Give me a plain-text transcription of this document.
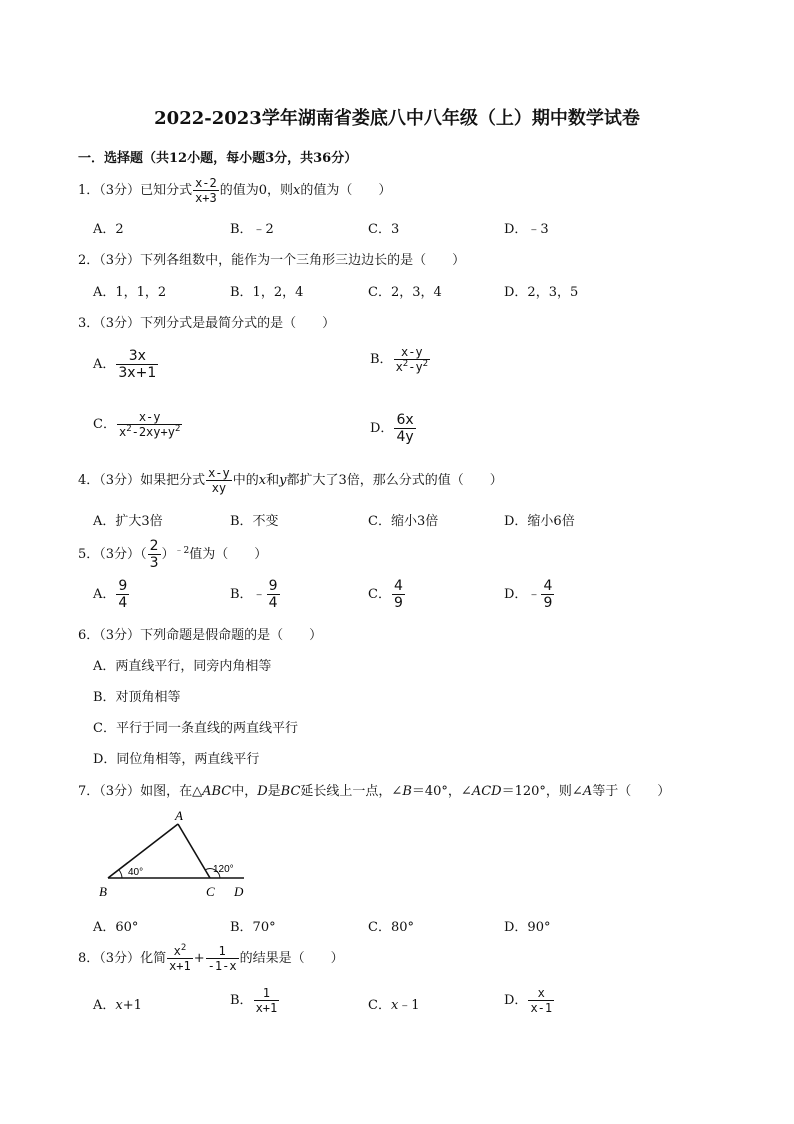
2022-2023学年湖南省娄底八中八年级（上）期中数学试卷
一．选择题（共12小题，每小题3分，共36分）
1．（3分）已知分式 $\frac{x-2}{x+3}$ 的值为0，则x的值为（　　）
A．2	B．﹣2	C．3	D．﹣3
2．（3分）下列各组数中，能作为一个三角形三边边长的是（　　）
A．1，1，2	B．1，2，4	C．2，3，4	D．2，3，5
3．（3分）下列分式是最简分式的是（　　）
A． $\frac{3x}{3x+1}$	B． $\frac{x-y}{x^2-y^2}$
C． $\frac{x-y}{x^2-2xy+y^2}$	D． $\frac{6x}{4y}$
4．（3分）如果把分式 $\frac{x-y}{xy}$ 中的x和y都扩大了3倍，那么分式的值（　　）
A．扩大3倍	B．不变	C．缩小3倍	D．缩小6倍
5．（3分）（ $\frac{2}{3} )^{﹣2}$值为（　　）
A． $\frac{9}{4}$	B．﹣ $\frac{9}{4}$	C． $\frac{4}{9}$	D．﹣ $\frac{4}{9}$
6．（3分）下列命题是假命题的是（　　）
A．两直线平行，同旁内角相等
B．对顶角相等
C．平行于同一条直线的两直线平行
D．同位角相等，两直线平行
7．（3分）如图，在△ABC中，D是BC延长线上一点，∠B＝40°，∠ACD＝120°，则∠A等于（　　）
A
B	C D
40°	120°
A．60°	B．70°	C．80°	D．90°
8．（3分）化简 $\frac{x^2}{x+1} + \frac{1}{-1-x}$ 的结果是（　　）
A．x+1	B． $\frac{1}{x+1}$	C．x﹣1	D． $\frac{x}{x-1}$
